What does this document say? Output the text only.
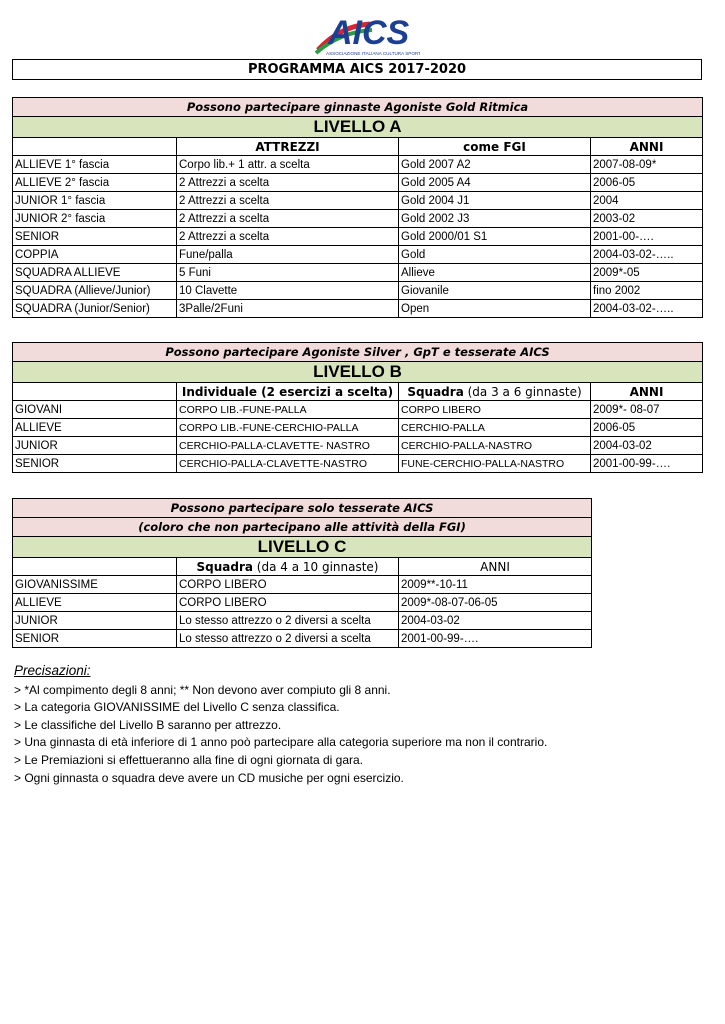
AICS
ASSOCIAZIONE ITALIANA CULTURA SPORT
PROGRAMMA AICS 2017-2020
Possono partecipare ginnaste Agoniste Gold Ritmica			
LIVELLO A			
	ATTREZZI	come FGI	ANNI
ALLIEVE 1° fascia	Corpo lib.+ 1 attr. a scelta	Gold 2007 A2	2007-08-09*
ALLIEVE 2° fascia	2 Attrezzi a scelta	Gold 2005 A4	2006-05
JUNIOR 1° fascia	2 Attrezzi a scelta	Gold 2004 J1	2004
JUNIOR 2° fascia	2 Attrezzi a scelta	Gold 2002 J3	2003-02
SENIOR	2 Attrezzi a scelta	Gold 2000/01 S1	2001-00-….
COPPIA	Fune/palla	Gold	2004-03-02-…..
SQUADRA ALLIEVE	5 Funi	Allieve	2009*-05
SQUADRA (Allieve/Junior)	10 Clavette	Giovanile	fino 2002
SQUADRA (Junior/Senior)	3Palle/2Funi	Open	2004-03-02-…..
Possono partecipare Agoniste Silver , GpT e tesserate AICS			
LIVELLO B			
	Individuale (2 esercizi a scelta)	Squadra (da 3 a 6 ginnaste)	ANNI
GIOVANI	CORPO LIB.-FUNE-PALLA	CORPO LIBERO	2009*- 08-07
ALLIEVE	CORPO LIB.-FUNE-CERCHIO-PALLA	CERCHIO-PALLA	2006-05
JUNIOR	CERCHIO-PALLA-CLAVETTE- NASTRO	CERCHIO-PALLA-NASTRO	2004-03-02
SENIOR	CERCHIO-PALLA-CLAVETTE-NASTRO	FUNE-CERCHIO-PALLA-NASTRO	2001-00-99-….
Possono partecipare solo tesserate AICS		
(coloro che non partecipano alle attività della FGI)		
LIVELLO C		
	Squadra (da 4 a 10 ginnaste)	ANNI
GIOVANISSIME	CORPO LIBERO	2009**-10-11
ALLIEVE	CORPO LIBERO	2009*-08-07-06-05
JUNIOR	Lo stesso attrezzo o 2 diversi a scelta	2004-03-02
SENIOR	Lo stesso attrezzo o 2 diversi a scelta	2001-00-99-….
Precisazioni:
> *Al compimento degli 8 anni; ** Non devono aver compiuto gli 8 anni.
> La categoria GIOVANISSIME del Livello C senza classifica.
> Le classifiche del Livello B saranno per attrezzo.
> Una ginnasta di età inferiore di 1 anno poò partecipare alla categoria superiore ma non il contrario.
> Le Premiazioni si effettueranno alla fine di ogni giornata di gara.
> Ogni ginnasta o squadra deve avere un CD musiche per ogni esercizio.
